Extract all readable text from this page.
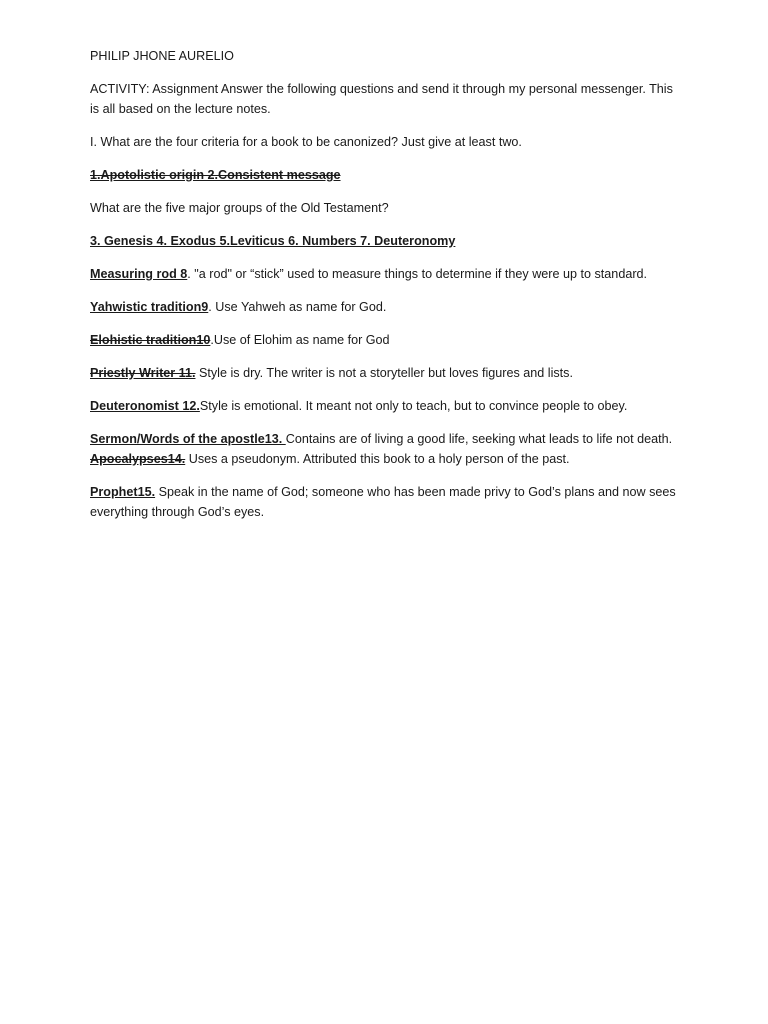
PHILIP JHONE AURELIO

ACTIVITY: Assignment Answer the following questions and send it through my personal messenger. This is all based on the lecture notes.

I. What are the four criteria for a book to be canonized? Just give at least two.

1.Apotolistic origin 2.Consistent message

What are the five major groups of the Old Testament?

3. Genesis 4. Exodus 5.Leviticus 6. Numbers 7. Deuteronomy

Measuring rod 8. "a rod" or “stick” used to measure things to determine if they were up to standard.

Yahwistic tradition9. Use Yahweh as name for God.

Elohistic tradition10.Use of Elohim as name for God

Priestly Writer 11. Style is dry. The writer is not a storyteller but loves figures and lists.

Deuteronomist 12.Style is emotional. It meant not only to teach, but to convince people to obey.

Sermon/Words of the apostle13. Contains are of living a good life, seeking what leads to life not death.

Apocalypses14. Uses a pseudonym. Attributed this book to a holy person of the past.

Prophet15. Speak in the name of God; someone who has been made privy to God’s plans and now sees everything through God’s eyes.
